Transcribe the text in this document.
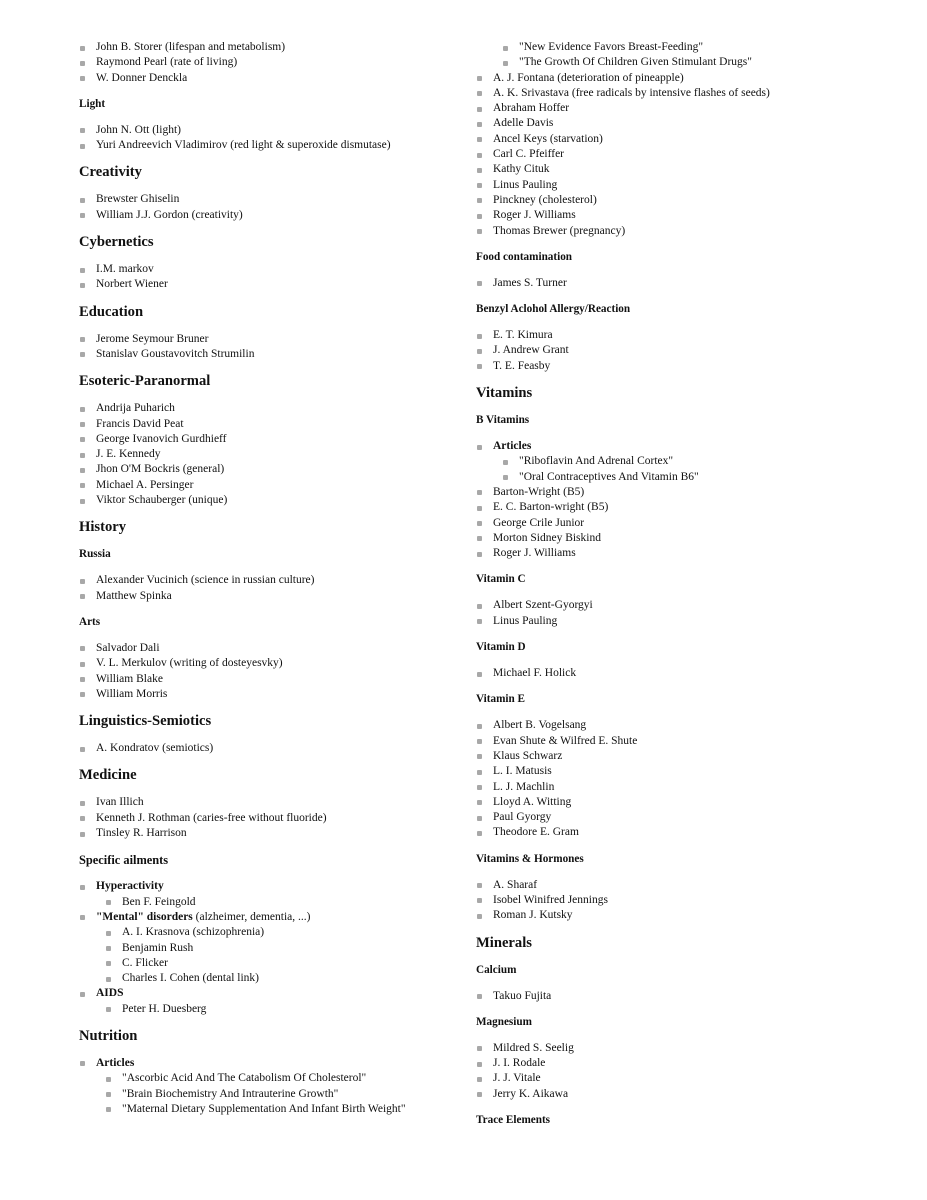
John B. Storer (lifespan and metabolism)
Raymond Pearl (rate of living)
W. Donner Denckla
Light
John N. Ott (light)
Yuri Andreevich Vladimirov (red light & superoxide dismutase)
Creativity
Brewster Ghiselin
William J.J. Gordon (creativity)
Cybernetics
I.M. markov
Norbert Wiener
Education
Jerome Seymour Bruner
Stanislav Goustavovitch Strumilin
Esoteric-Paranormal
Andrija Puharich
Francis David Peat
George Ivanovich Gurdhieff
J. E. Kennedy
Jhon O'M Bockris (general)
Michael A. Persinger
Viktor Schauberger (unique)
History
Russia
Alexander Vucinich (science in russian culture)
Matthew Spinka
Arts
Salvador Dali
V. L. Merkulov (writing of dosteyesvky)
William Blake
William Morris
Linguistics-Semiotics
A. Kondratov (semiotics)
Medicine
Ivan Illich
Kenneth J. Rothman (caries-free without fluoride)
Tinsley R. Harrison
Specific ailments
Hyperactivity
Ben F. Feingold
"Mental" disorders (alzheimer, dementia, ...)
A. I. Krasnova (schizophrenia)
Benjamin Rush
C. Flicker
Charles I. Cohen (dental link)
AIDS
Peter H. Duesberg
Nutrition
Articles
"Ascorbic Acid And The Catabolism Of Cholesterol"
"Brain Biochemistry And Intrauterine Growth"
"Maternal Dietary Supplementation And Infant Birth Weight"
"New Evidence Favors Breast-Feeding"
"The Growth Of Children Given Stimulant Drugs"
A. J. Fontana (deterioration of pineapple)
A. K. Srivastava (free radicals by intensive flashes of seeds)
Abraham Hoffer
Adelle Davis
Ancel Keys (starvation)
Carl C. Pfeiffer
Kathy Cituk
Linus Pauling
Pinckney (cholesterol)
Roger J. Williams
Thomas Brewer (pregnancy)
Food contamination
James S. Turner
Benzyl Aclohol Allergy/Reaction
E. T. Kimura
J. Andrew Grant
T. E. Feasby
Vitamins
B Vitamins
Articles
"Riboflavin And Adrenal Cortex"
"Oral Contraceptives And Vitamin B6"
Barton-Wright (B5)
E. C. Barton-wright (B5)
George Crile Junior
Morton Sidney Biskind
Roger J. Williams
Vitamin C
Albert Szent-Gyorgyi
Linus Pauling
Vitamin D
Michael F. Holick
Vitamin E
Albert B. Vogelsang
Evan Shute & Wilfred E. Shute
Klaus Schwarz
L. I. Matusis
L. J. Machlin
Lloyd A. Witting
Paul Gyorgy
Theodore E. Gram
Vitamins & Hormones
A. Sharaf
Isobel Winifred Jennings
Roman J. Kutsky
Minerals
Calcium
Takuo Fujita
Magnesium
Mildred S. Seelig
J. I. Rodale
J. J. Vitale
Jerry K. Aikawa
Trace Elements
